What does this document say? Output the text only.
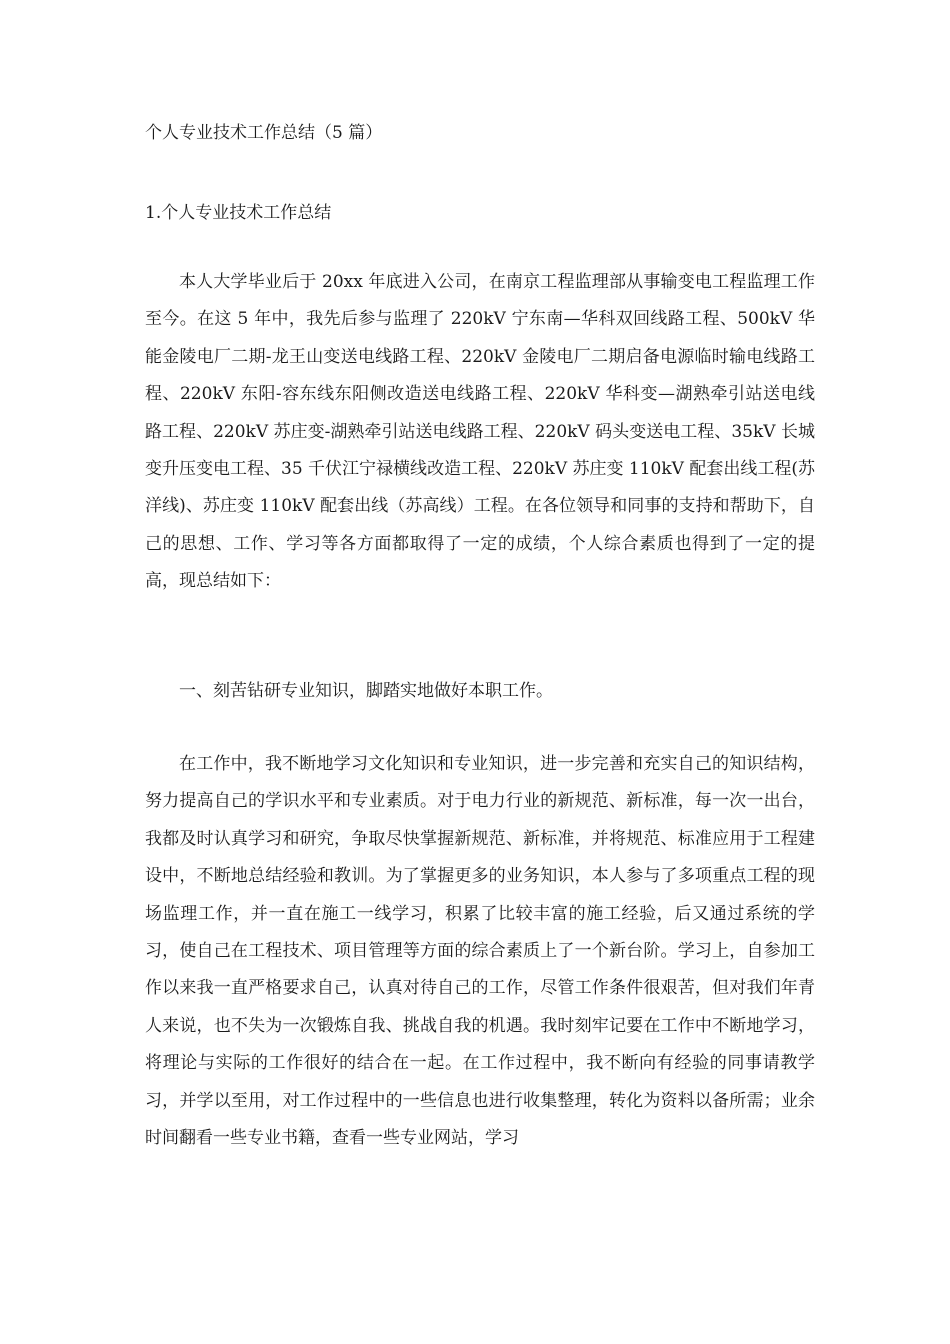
个人专业技术工作总结（5 篇）
1.个人专业技术工作总结

本人大学毕业后于 20xx 年底进入公司，在南京工程监理部从事输变电工程监理工作至今。在这 5 年中，我先后参与监理了 220kV 宁东南—华科双回线路工程、500kV 华能金陵电厂二期-龙王山变送电线路工程、220kV 金陵电厂二期启备电源临时输电线路工程、220kV 东阳-容东线东阳侧改造送电线路工程、220kV 华科变—湖熟牵引站送电线路工程、220kV 苏庄变-湖熟牵引站送电线路工程、220kV 码头变送电工程、35kV 长城变升压变电工程、35 千伏江宁禄横线改造工程、220kV 苏庄变 110kV 配套出线工程(苏洋线)、苏庄变 110kV 配套出线（苏高线）工程。在各位领导和同事的支持和帮助下，自己的思想、工作、学习等各方面都取得了一定的成绩，个人综合素质也得到了一定的提高，现总结如下：

一、刻苦钻研专业知识，脚踏实地做好本职工作。

在工作中，我不断地学习文化知识和专业知识，进一步完善和充实自己的知识结构，努力提高自己的学识水平和专业素质。对于电力行业的新规范、新标准，每一次一出台，我都及时认真学习和研究，争取尽快掌握新规范、新标准，并将规范、标准应用于工程建设中，不断地总结经验和教训。为了掌握更多的业务知识，本人参与了多项重点工程的现场监理工作，并一直在施工一线学习，积累了比较丰富的施工经验，后又通过系统的学习，使自己在工程技术、项目管理等方面的综合素质上了一个新台阶。学习上，自参加工作以来我一直严格要求自己，认真对待自己的工作，尽管工作条件很艰苦，但对我们年青人来说，也不失为一次锻炼自我、挑战自我的机遇。我时刻牢记要在工作中不断地学习，将理论与实际的工作很好的结合在一起。在工作过程中，我不断向有经验的同事请教学习，并学以至用，对工作过程中的一些信息也进行收集整理，转化为资料以备所需；业余时间翻看一些专业书籍，查看一些专业网站，学习
